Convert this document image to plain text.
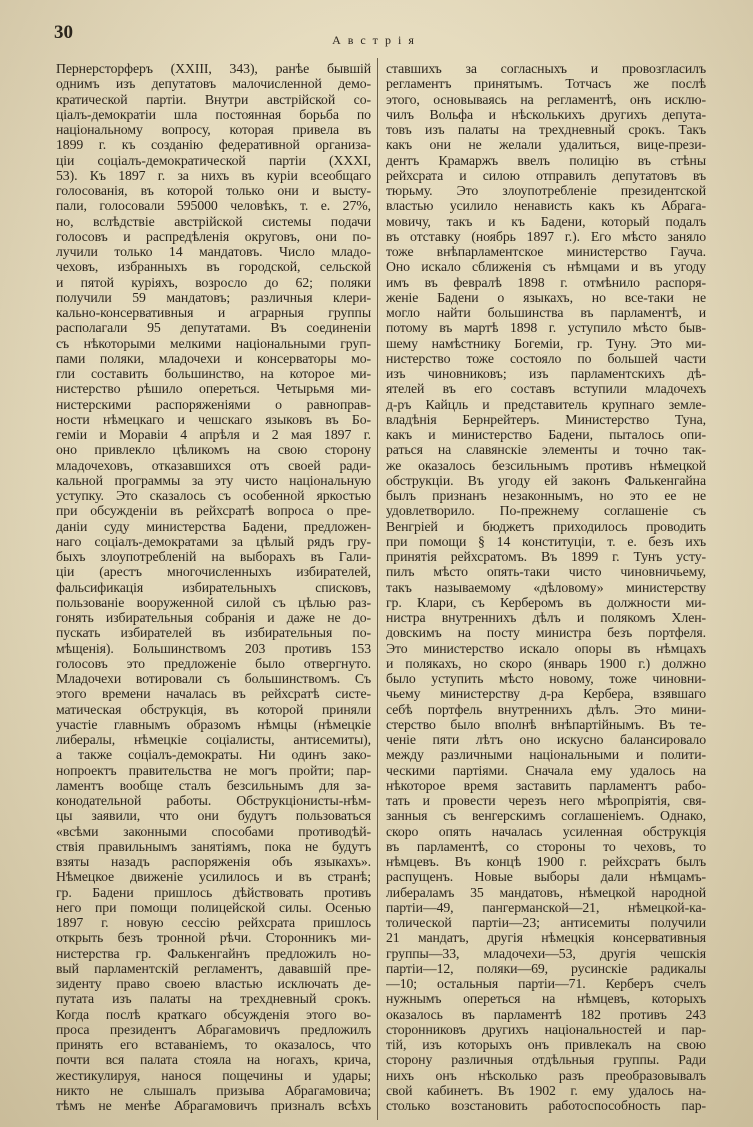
30	Австрія
Пернерсторферъ (XXIII, 343), ранѣе бывшій
однимъ изъ депутатовъ малочисленной демо-
кратической партіи. Внутри австрійской со-
ціалъ-демократіи шла постоянная борьба по
національному вопросу, которая привела въ
1899 г. къ созданію федеративной организа-
ціи соціалъ-демократической партіи (XXXI,
53). Къ 1897 г. за нихъ въ куріи всеобщаго
голосованія, въ которой только они и высту-
пали, голосовали 595000 человѣкъ, т. е. 27%,
но, вслѣдствіе австрійской системы подачи
голосовъ и распредѣленія округовъ, они по-
лучили только 14 мандатовъ. Число младо-
чеховъ, избранныхъ въ городской, сельской
и пятой куріяхъ, возросло до 62; поляки
получили 59 мандатовъ; различныя клери-
кально-консервативныя и аграрныя группы
располагали 95 депутатами. Въ соединеніи
съ нѣкоторыми мелкими національными груп-
пами поляки, младочехи и консерваторы мо-
гли составить большинство, на которое ми-
нистерство рѣшило опереться. Четырьмя ми-
нистерскими распоряженіями о равноправ-
ности нѣмецкаго и чешскаго языковъ въ Бо-
геміи и Моравіи 4 апрѣля и 2 мая 1897 г.
оно привлекло цѣликомъ на свою сторону
младочеховъ, отказавшихся отъ своей ради-
кальной программы за эту чисто національную
уступку. Это сказалось съ особенной яркостью
при обсужденіи въ рейхсратѣ вопроса о пре-
даніи суду министерства Бадени, предложен-
наго соціалъ-демократами за цѣлый рядъ гру-
быхъ злоупотребленій на выборахъ въ Гали-
ціи (арестъ многочисленныхъ избирателей,
фальсификація избирательныхъ списковъ,
пользованіе вооруженной силой съ цѣлью раз-
гонять избирательныя собранія и даже не до-
пускать избирателей въ избирательныя по-
мѣщенія). Большинствомъ 203 противъ 153
голосовъ это предложеніе было отвергнуто.
Младочехи вотировали съ большинствомъ. Съ
этого времени началась въ рейхсратѣ систе-
матическая обструкція, въ которой приняли
участіе главнымъ образомъ нѣмцы (нѣмецкіе
либералы, нѣмецкіе соціалисты, антисемиты),
а также соціалъ-демократы. Ни одинъ зако-
нопроектъ правительства не могъ пройти; пар-
ламентъ вообще сталъ безсильнымъ для за-
конодательной работы. Обструкціонисты-нѣм-
цы заявили, что они будутъ пользоваться
«всѣми законными способами противодѣй-
ствія правильнымъ занятіямъ, пока не будутъ
взяты назадъ распоряженія объ языкахъ».
Нѣмецкое движеніе усилилось и въ странѣ;
гр. Бадени пришлось дѣйствовать противъ
него при помощи полицейской силы. Осенью
1897 г. новую сессію рейхсрата пришлось
открыть безъ тронной рѣчи. Сторонникъ ми-
нистерства гр. Фалькенгайнъ предложилъ но-
вый парламентскій регламентъ, дававшій пре-
зиденту право своею властью исключать де-
путата изъ палаты на трехдневный срокъ.
Когда послѣ краткаго обсужденія этого во-
проса президентъ Абрагамовичъ предложилъ
принять его вставаніемъ, то оказалось, что
почти вся палата стояла на ногахъ, крича,
жестикулируя, нанося пощечины и удары;
никто не слышалъ призыва Абрагамовича;
тѣмъ не менѣе Абрагамовичъ призналъ всѣхъ
ставшихъ за согласныхъ и провозгласилъ
регламентъ принятымъ. Тотчасъ же послѣ
этого, основываясь на регламентѣ, онъ исклю-
чилъ Вольфа и нѣсколькихъ другихъ депута-
товъ изъ палаты на трехдневный срокъ. Такъ
какъ они не желали удалиться, вице-прези-
дентъ Крамаржъ ввелъ полицію въ стѣны
рейхсрата и силою отправилъ депутатовъ въ
тюрьму. Это злоупотребленіе президентской
властью усилило ненависть какъ къ Абрага-
мовичу, такъ и къ Бадени, который подалъ
въ отставку (ноябрь 1897 г.). Его мѣсто заняло
тоже внѣпарламентское министерство Гауча.
Оно искало сближенія съ нѣмцами и въ угоду
имъ въ февралѣ 1898 г. отмѣнило распоря-
женіе Бадени о языкахъ, но все-таки не
могло найти большинства въ парламентѣ, и
потому въ мартѣ 1898 г. уступило мѣсто быв-
шему намѣстнику Богеміи, гр. Туну. Это ми-
нистерство тоже состояло по большей части
изъ чиновниковъ; изъ парламентскихъ дѣ-
ятелей въ его составъ вступили младочехъ
д-ръ Кайцль и представитель крупнаго земле-
владѣнія Бернрейтеръ. Министерство Туна,
какъ и министерство Бадени, пыталось опи-
раться на славянскіе элементы и точно так-
же оказалось безсильнымъ противъ нѣмецкой
обструкціи. Въ угоду ей законъ Фалькенгайна
былъ признанъ незаконнымъ, но это ее не
удовлетворило. По-прежнему соглашеніе съ
Венгріей и бюджетъ приходилось проводить
при помощи § 14 конституціи, т. е. безъ ихъ
принятія рейхсратомъ. Въ 1899 г. Тунъ усту-
пилъ мѣсто опять-таки чисто чиновничьему,
такъ называемому «дѣловому» министерству
гр. Клари, съ Керберомъ въ должности ми-
нистра внутреннихъ дѣлъ и полякомъ Хлен-
довскимъ на посту министра безъ портфеля.
Это министерство искало опоры въ нѣмцахъ
и полякахъ, но скоро (январь 1900 г.) должно
было уступить мѣсто новому, тоже чиновни-
чьему министерству д-ра Кербера, взявшаго
себѣ портфель внутреннихъ дѣлъ. Это мини-
стерство было вполнѣ внѣпартійнымъ. Въ те-
ченіе пяти лѣтъ оно искусно балансировало
между различными національными и полити-
ческими партіями. Сначала ему удалось на
нѣкоторое время заставить парламентъ рабо-
тать и провести черезъ него мѣропріятія, свя-
занныя съ венгерскимъ соглашеніемъ. Однако,
скоро опять началась усиленная обструкція
въ парламентѣ, со стороны то чеховъ, то
нѣмцевъ. Въ концѣ 1900 г. рейхсратъ былъ
распущенъ. Новые выборы дали нѣмцамъ-
либераламъ 35 мандатовъ, нѣмецкой народной
партіи—49, пангерманской—21, нѣмецкой-ка-
толической партіи—23; антисемиты получили
21 мандатъ, другія нѣмецкія консервативныя
группы—33, младочехи—53, другія чешскія
партіи—12, поляки—69, русинскіе радикалы
—10; остальныя партіи—71. Керберъ счелъ
нужнымъ опереться на нѣмцевъ, которыхъ
оказалось въ парламентѣ 182 противъ 243
сторонниковъ другихъ національностей и пар-
тій, изъ которыхъ онъ привлекалъ на свою
сторону различныя отдѣльныя группы. Ради
нихъ онъ нѣсколько разъ преобразовывалъ
свой кабинетъ. Въ 1902 г. ему удалось на-
столько возстановить работоспособность пар-
